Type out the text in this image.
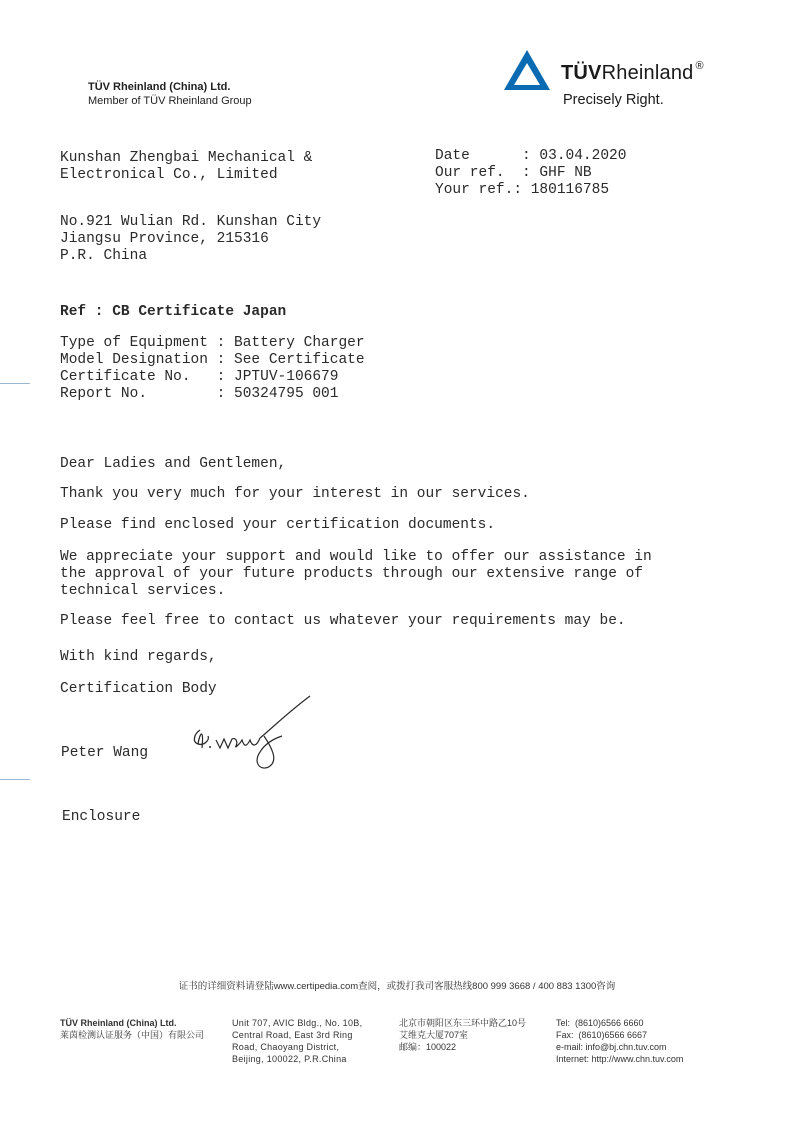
TÜV Rheinland (China) Ltd.
Member of TÜV Rheinland Group
TÜVRheinland ®
Precisely Right.
Kunshan Zhengbai Mechanical &
Electronical Co., Limited
Date      : 03.04.2020
Our ref.  : GHF NB
Your ref.: 180116785
No.921 Wulian Rd. Kunshan City
Jiangsu Province, 215316
P.R. China
Ref : CB Certificate Japan
Type of Equipment : Battery Charger
Model Designation : See Certificate
Certificate No.   : JPTUV-106679
Report No.        : 50324795 001
Dear Ladies and Gentlemen,
Thank you very much for your interest in our services.
Please find enclosed your certification documents.
We appreciate your support and would like to offer our assistance in
the approval of your future products through our extensive range of
technical services.
Please feel free to contact us whatever your requirements may be.
With kind regards,
Certification Body
Peter Wang
Enclosure
证书的详细资料请登陆www.certipedia.com查阅，或拨打我司客服热线800 999 3668 / 400 883 1300咨询
TÜV Rheinland (China) Ltd.
莱茵检测认证服务（中国）有限公司
Unit 707, AVIC Bldg., No. 10B,
Central Road, East 3rd Ring
Road, Chaoyang District,
Beijing, 100022, P.R.China
北京市朝阳区东三环中路乙10号
艾维克大厦707室
邮编：100022
Tel:  (8610)6566 6660
Fax:  (8610)6566 6667
e-mail: info@bj.chn.tuv.com
Internet: http://www.chn.tuv.com
